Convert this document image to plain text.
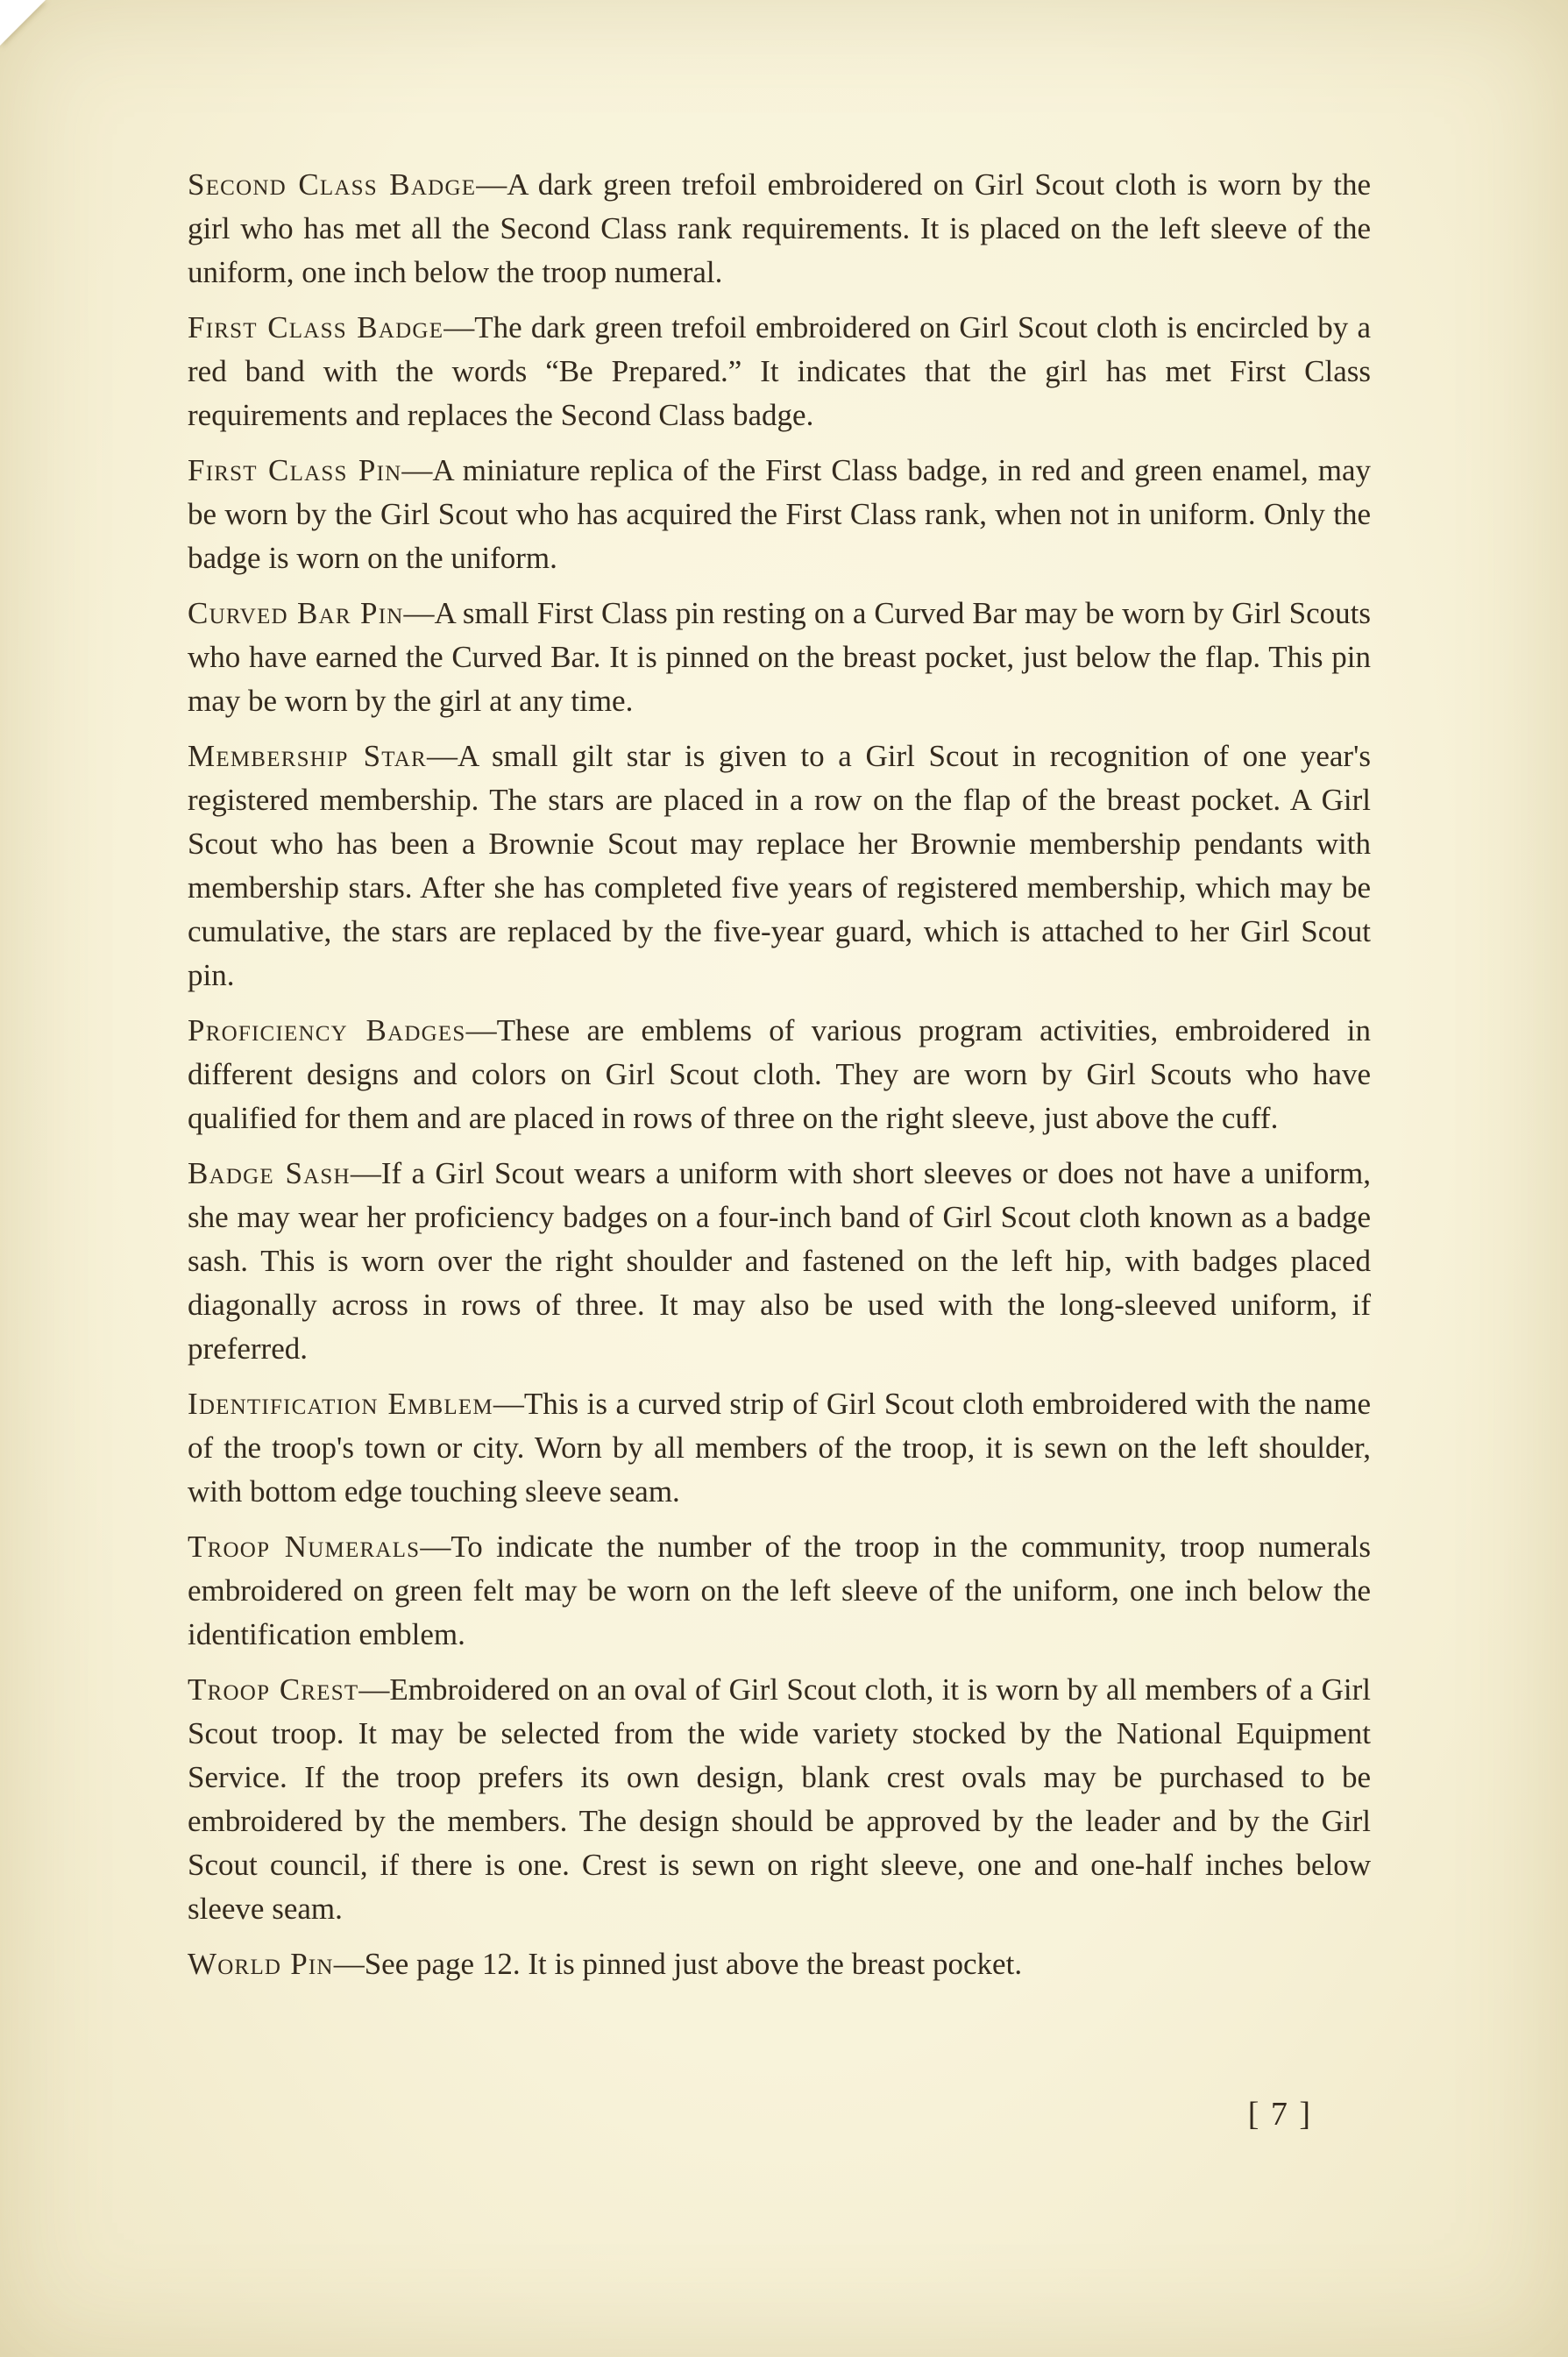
Second Class Badge—A dark green trefoil embroidered on Girl Scout cloth is worn by the girl who has met all the Second Class rank requirements. It is placed on the left sleeve of the uniform, one inch below the troop numeral.

First Class Badge—The dark green trefoil embroidered on Girl Scout cloth is encircled by a red band with the words “Be Prepared.” It indicates that the girl has met First Class requirements and replaces the Second Class badge.

First Class Pin—A miniature replica of the First Class badge, in red and green enamel, may be worn by the Girl Scout who has acquired the First Class rank, when not in uniform. Only the badge is worn on the uniform.

Curved Bar Pin—A small First Class pin resting on a Curved Bar may be worn by Girl Scouts who have earned the Curved Bar. It is pinned on the breast pocket, just below the flap. This pin may be worn by the girl at any time.

Membership Star—A small gilt star is given to a Girl Scout in recognition of one year's registered membership. The stars are placed in a row on the flap of the breast pocket. A Girl Scout who has been a Brownie Scout may replace her Brownie membership pendants with membership stars. After she has completed five years of registered membership, which may be cumulative, the stars are replaced by the five-year guard, which is attached to her Girl Scout pin.

Proficiency Badges—These are emblems of various program activities, embroidered in different designs and colors on Girl Scout cloth. They are worn by Girl Scouts who have qualified for them and are placed in rows of three on the right sleeve, just above the cuff.

Badge Sash—If a Girl Scout wears a uniform with short sleeves or does not have a uniform, she may wear her proficiency badges on a four-inch band of Girl Scout cloth known as a badge sash. This is worn over the right shoulder and fastened on the left hip, with badges placed diagonally across in rows of three. It may also be used with the long-sleeved uniform, if preferred.

Identification Emblem—This is a curved strip of Girl Scout cloth embroidered with the name of the troop's town or city. Worn by all members of the troop, it is sewn on the left shoulder, with bottom edge touching sleeve seam.

Troop Numerals—To indicate the number of the troop in the community, troop numerals embroidered on green felt may be worn on the left sleeve of the uniform, one inch below the identification emblem.

Troop Crest—Embroidered on an oval of Girl Scout cloth, it is worn by all members of a Girl Scout troop. It may be selected from the wide variety stocked by the National Equipment Service. If the troop prefers its own design, blank crest ovals may be purchased to be embroidered by the members. The design should be approved by the leader and by the Girl Scout council, if there is one. Crest is sewn on right sleeve, one and one-half inches below sleeve seam.

World Pin—See page 12. It is pinned just above the breast pocket.

[ 7 ]
